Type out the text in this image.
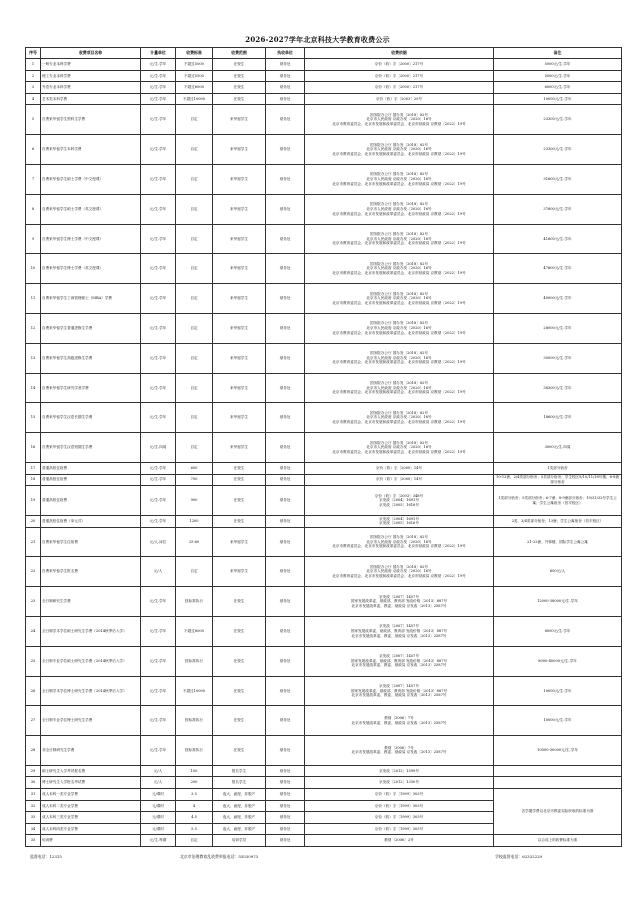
2026-2027学年北京科技大学教育收费公示
序号	收费项目名称	计量单位	收费标准	收费范围	执收单位	收费依据	备注
1	一般专业本科学费	元/生.学年	不超过5000	在校生	财务处	京价（收）字〔2000〕217号	5000元/生.学年
2	理工专业本科学费	元/生.学年	不超过5500	在校生	财务处	京价（收）字〔2000〕217号	5000元/生.学年
3	外语专业本科学费	元/生.学年	不超过6000	在校生	财务处	京价（收）字〔2000〕217号	6000元/生.学年
4	艺术类本科学费	元/生.学年	不超过10000	在校生	财务处	京价（收）字〔2003〕25号	10000元/生.学年
5	自费来华留学生预科生学费	元/生.学年	自定	来华留学生	财务处	国务院办公厅 国办发〔2018〕82号
北京市人民政府 京政办发〔2020〕16号
北京市教育委员会、北京市发展和改革委员会、北京市财政局 京教财〔2022〕19号	23300元/生.学年
6	自费来华留学生本科学费	元/生.学年	自定	来华留学生	财务处	国务院办公厅 国办发〔2018〕82号
北京市人民政府 京政办发〔2020〕16号
北京市教育委员会、北京市发展和改革委员会、北京市财政局 京教财〔2022〕19号	23300元/生.学年
7	自费来华留学生硕士学费（中文授课）	元/生.学年	自定	来华留学生	财务处	国务院办公厅 国办发〔2018〕82号
北京市人民政府 京政办发〔2020〕16号
北京市教育委员会、北京市发展和改革委员会、北京市财政局 京教财〔2022〕19号	31600元/生.学年
8	自费来华留学生硕士学费（英文授课）	元/生.学年	自定	来华留学生	财务处	国务院办公厅 国办发〔2018〕82号
北京市人民政府 京政办发〔2020〕16号
北京市教育委员会、北京市发展和改革委员会、北京市财政局 京教财〔2022〕19号	37600元/生.学年
9	自费来华留学生博士学费（中文授课）	元/生.学年	自定	来华留学生	财务处	国务院办公厅 国办发〔2018〕82号
北京市人民政府 京政办发〔2020〕16号
北京市教育委员会、北京市发展和改革委员会、北京市财政局 京教财〔2022〕19号	41600元/生.学年
10	自费来华留学生博士学费（英文授课）	元/生.学年	自定	来华留学生	财务处	国务院办公厅 国办发〔2018〕82号
北京市人民政府 京政办发〔2020〕16号
北京市教育委员会、北京市发展和改革委员会、北京市财政局 京教财〔2022〕19号	47600元/生.学年
11	自费来华留学生工商管理硕士（MBA）学费	元/生.学年	自定	来华留学生	财务处	国务院办公厅 国办发〔2018〕82号
北京市人民政府 京政办发〔2020〕16号
北京市教育委员会、北京市发展和改革委员会、北京市财政局 京教财〔2022〕19号	40000元/生.学年
12	自费来华留学生普通进修生学费	元/生.学年	自定	来华留学生	财务处	国务院办公厅 国办发〔2018〕82号
北京市人民政府 京政办发〔2020〕16号
北京市教育委员会、北京市发展和改革委员会、北京市财政局 京教财〔2022〕19号	28000元/生.学年
13	自费来华留学生高级进修生学费	元/生.学年	自定	来华留学生	财务处	国务院办公厅 国办发〔2018〕82号
北京市人民政府 京政办发〔2020〕16号
北京市教育委员会、北京市发展和改革委员会、北京市财政局 京教财〔2022〕19号	30000元/生.学年
14	自费来华留学生研究学者学费	元/生.学年	自定	来华留学生	财务处	国务院办公厅 国办发〔2018〕82号
北京市人民政府 京政办发〔2020〕16号
北京市教育委员会、北京市发展和改革委员会、北京市财政局 京教财〔2022〕19号	38300元/生.学年
15	自费来华留学生汉语长期生学费	元/生.学年	自定	来华留学生	财务处	国务院办公厅 国办发〔2018〕82号
北京市人民政府 京政办发〔2020〕16号
北京市教育委员会、北京市发展和改革委员会、北京市财政局 京教财〔2022〕19号	18600元/生.学年
16	自费来华留学生汉语短期生学费	元/生.四周	自定	来华留学生	财务处	国务院办公厅 国办发〔2018〕82号
北京市人民政府 京政办发〔2020〕16号
北京市教育委员会、北京市发展和改革委员会、北京市财政局 京教财〔2022〕19号	3000元/生.四周
17	普通高校住宿费	元/生.学年	600	在校生	财务处	京价（收）字〔2000〕14号	1类部分宿舍
18	普通高校住宿费	元/生.学年	750	在校生	财务处	京价（收）字〔2000〕14号	10-12斋，2/4类部分宿舍；5类部分宿舍；学生校区9/10/11/18号楼；6-8斋部分宿舍
19	普通高校住宿费	元/生.学年	900	在校生	财务处	京价（收）字〔2003〕348号
京发改〔2004〕1691号
京发改〔2005〕1616号	1类部分宿舍；5类部分宿舍；6-7斋；8-9斋部分宿舍；19/31/32号学生公寓；学生公寓宿舍（昌平校区）
20	普通高校住宿费（单元式）	元/生.学年	1200	在校生	财务处	京发改〔2004〕1691号
京发改〔2005〕1616号	2类、3/4类部分宿舍；13斋；学生公寓宿舍（昌平校区）
21	自费来华留学生住宿费	元/人.床位	25-60	来华留学生	财务处	国务院办公厅 国办发〔2018〕82号
北京市人民政府 京政办发〔2020〕16号
北京市教育委员会、北京市发展和改革委员会、北京市财政局 京教财〔2022〕19号	21-22斋、外事楼、国际学生公寓公寓
22	自费来华留学生报名费	元/人	自定	来华留学生	财务处	国务院办公厅 国办发〔2018〕82号
北京市人民政府 京政办发〔2020〕16号
北京市教育委员会、北京市发展和改革委员会、北京市财政局 京教财〔2022〕19号	600元/人
23	全日制研究生学费	元/生.学年	按标准执行	在校生	财务处	京发改〔2007〕1457号
国家发展改革委、财政部、教育部 发改价格〔2013〕887号
北京市发展改革委、教委、财政局 京发改〔2013〕2587号	12000-38000元/生.学年
24	全日制学术学位硕士研究生学费（2014秋季后入学）	元/生.学年	不超过8000	在校生	财务处	京发改〔2007〕1457号
国家发展改革委、财政部、教育部 发改价格〔2013〕887号
北京市发展改革委、教委、财政局 京发改〔2013〕2587号	8000元/生.学年
25	全日制专业学位硕士研究生学费（2014秋季后入学）	元/生.学年	按标准执行	在校生	财务处	京发改〔2007〕1457号
国家发展改革委、财政部、教育部 发改价格〔2013〕887号
北京市发展改革委、教委、财政局 京发改〔2013〕2587号	8000-40000元/生.学年
26	全日制学术学位博士研究生学费（2014秋季后入学）	元/生.学年	不超过10000	在校生	财务处	京发改〔2007〕1457号
国家发展改革委、财政部、教育部 发改价格〔2013〕887号
北京市发展改革委、教委、财政局 京发改〔2013〕2587号	10000元/生.学年
27	全日制专业学位博士研究生学费	元/生.学年	按标准执行	在校生	财务处	教财〔2006〕7号
北京市发展改革委、教委、财政局 京发改〔2013〕2587号	10000元/生.学年
28	非全日制研究生学费	元/生.学年	按标准执行	在校生	财务处	教财〔2006〕7号
北京市发展改革委、教委、财政局 京发改〔2013〕2587号	10000-30000元/生.学年
29	硕士研究生入学考试报名费	元/人	100	报名学生	财务处	京发改〔2012〕1599号	
30	博士研究生入学报名考试费	元/人	200	报名学生	财务处	京发改〔2012〕1330号	
31	成人本科一类专业学费	元/课时	3.5	夜大、函授、非脱产	财务处	京价（收）字〔1999〕303号	各学期学费以北京市教委实际收取的标准为准
32	成人本科二类专业学费	元/课时	4	夜大、函授、非脱产	财务处	京价（收）字〔1999〕303号	
33	成人本科三类专业学费	元/课时	4.5	夜大、函授、非脱产	财务处	京价（收）字〔1999〕303号	
34	成人本科四类专业学费	元/课时	5.5	夜大、函授、非脱产	财务处	京价（收）字〔1999〕303号	
35	培训费	元/生.每期	自定	培训学员	财务处	教财〔2006〕2号	以合同上的收费标准为准
监督电话：12315	北京市治理教育乱收费举报电话：55530973	学校监督电话：62332229
